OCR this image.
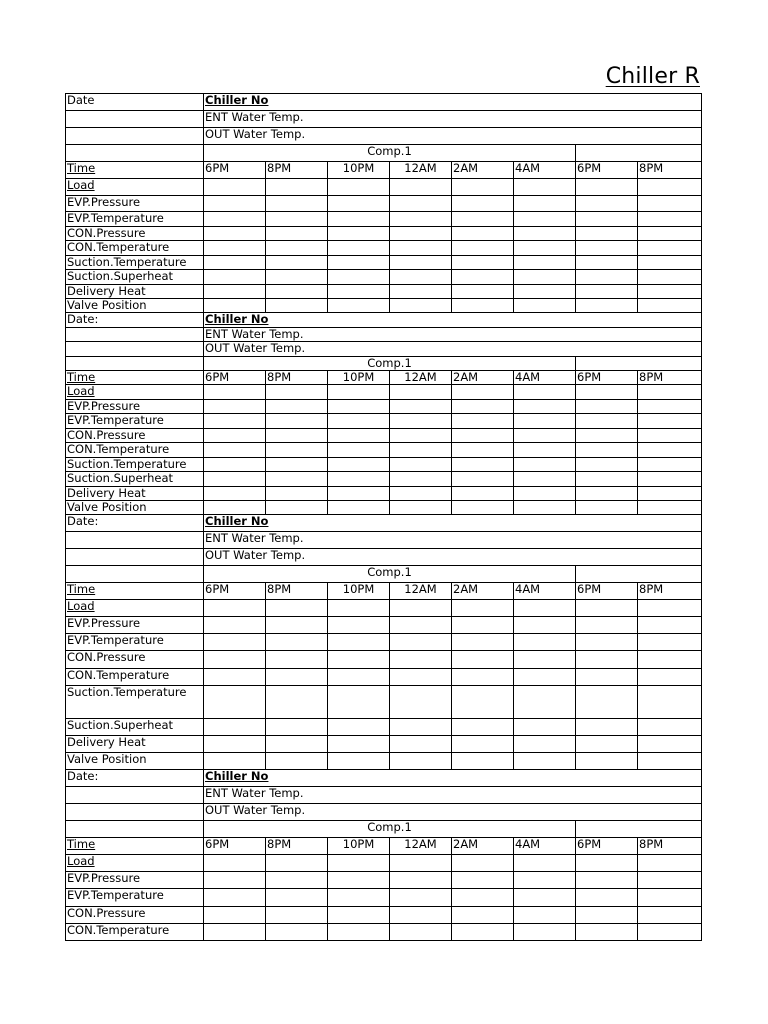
Chiller R
Date	Chiller No							
	ENT Water Temp.							
	OUT Water Temp.							
	Comp.1							
Time	6PM	8PM	10PM	12AM	2AM	4AM	6PM	8PM
Load								
EVP.Pressure								
EVP.Temperature								
CON.Pressure								
CON.Temperature								
Suction.Temperature								
Suction.Superheat								
Delivery Heat								
Valve Position								
Date:	Chiller No							
	ENT Water Temp.							
	OUT Water Temp.							
	Comp.1							
Time	6PM	8PM	10PM	12AM	2AM	4AM	6PM	8PM
Load								
EVP.Pressure								
EVP.Temperature								
CON.Pressure								
CON.Temperature								
Suction.Temperature								
Suction.Superheat								
Delivery Heat								
Valve Position								
Date:	Chiller No							
	ENT Water Temp.							
	OUT Water Temp.							
	Comp.1							
Time	6PM	8PM	10PM	12AM	2AM	4AM	6PM	8PM
Load								
EVP.Pressure								
EVP.Temperature								
CON.Pressure								
CON.Temperature								
Suction.Temperature								
Suction.Superheat								
Delivery Heat								
Valve Position								
Date:	Chiller No							
	ENT Water Temp.							
	OUT Water Temp.							
	Comp.1							
Time	6PM	8PM	10PM	12AM	2AM	4AM	6PM	8PM
Load								
EVP.Pressure								
EVP.Temperature								
CON.Pressure								
CON.Temperature								
